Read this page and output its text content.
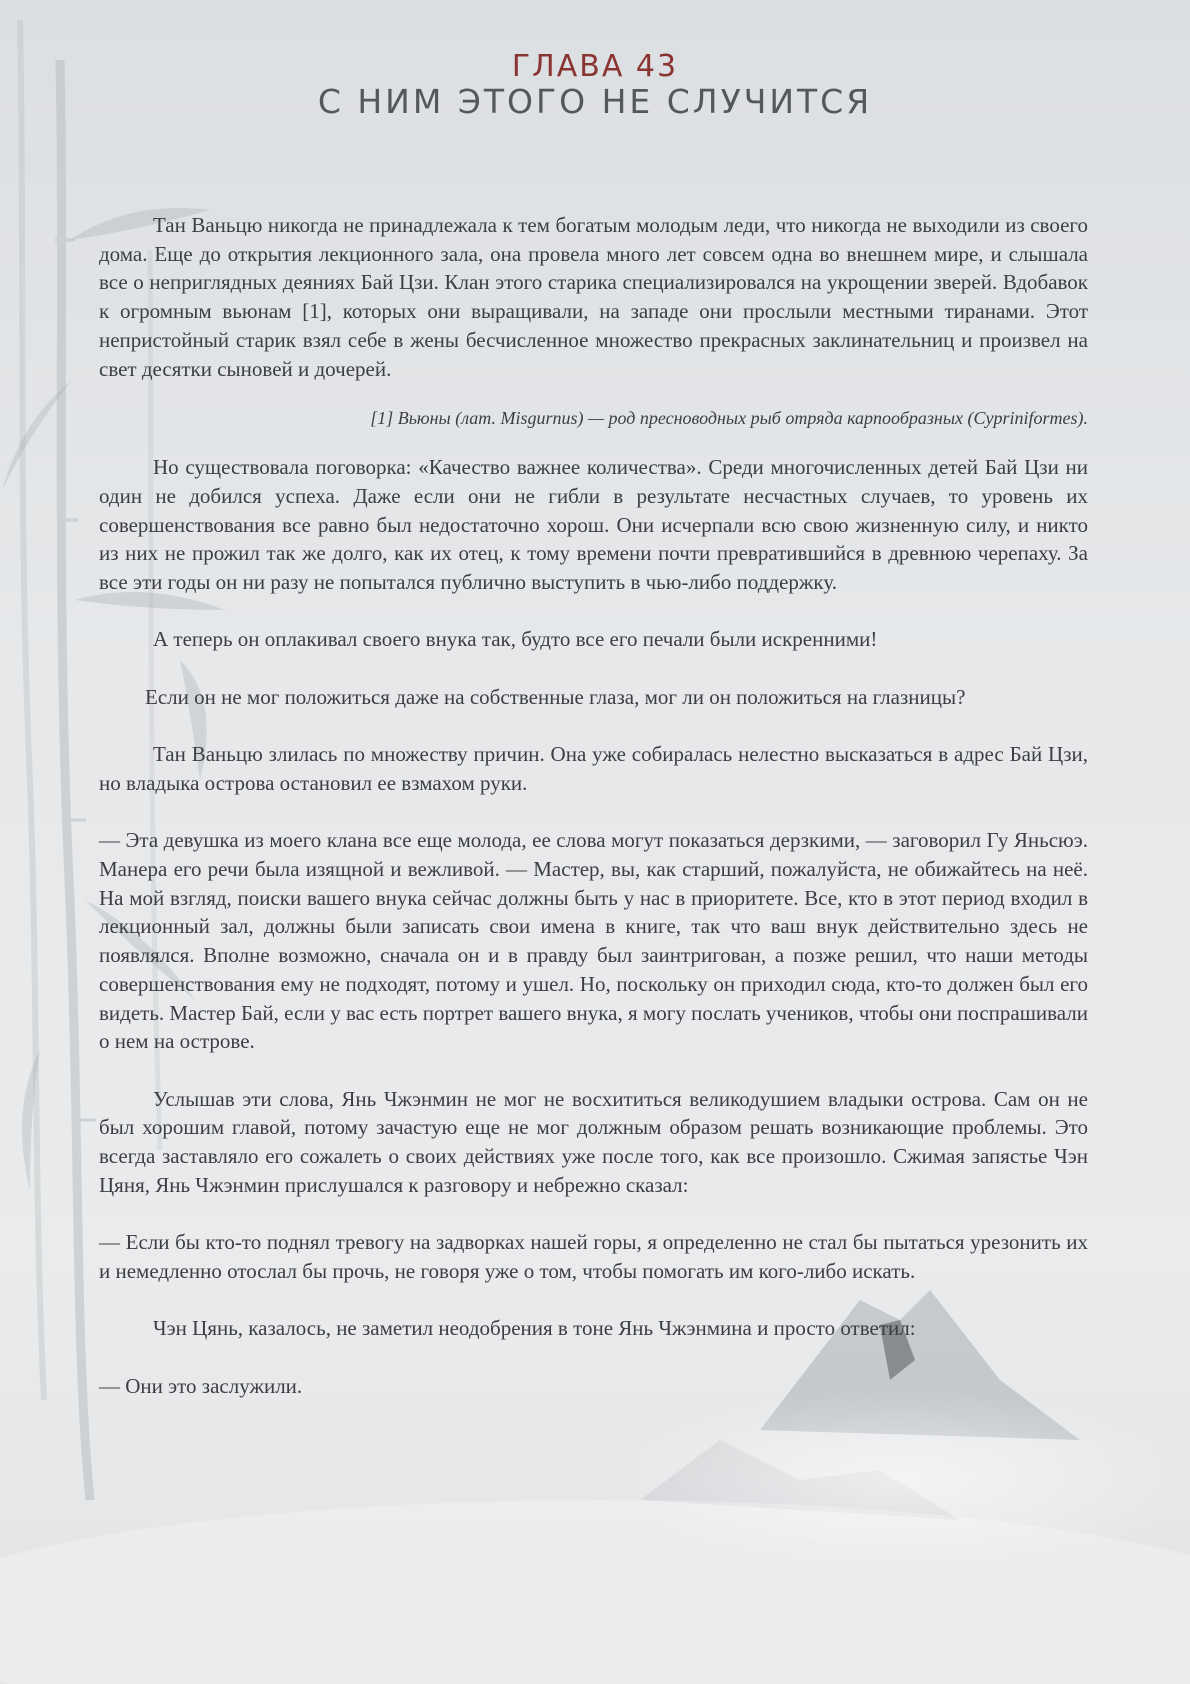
ГЛАВА 43
С НИМ ЭТОГО НЕ СЛУЧИТСЯ

Тан Ваньцю никогда не принадлежала к тем богатым молодым леди, что никогда не выходили из своего дома. Еще до открытия лекционного зала, она провела много лет совсем одна во внешнем мире, и слышала все о неприглядных деяниях Бай Цзи. Клан этого старика специализировался на укрощении зверей. Вдобавок к огромным вьюнам [1], которых они выращивали, на западе они прослыли местными тиранами. Этот непристойный старик взял себе в жены бесчисленное множество прекрасных заклинательниц и произвел на свет десятки сыновей и дочерей.

[1] Вьюны (лат. Misgurnus) — род пресноводных рыб отряда карпообразных (Cypriniformes).

Но существовала поговорка: «Качество важнее количества». Среди многочисленных детей Бай Цзи ни один не добился успеха. Даже если они не гибли в результате несчастных случаев, то уровень их совершенствования все равно был недостаточно хорош. Они исчерпали всю свою жизненную силу, и никто из них не прожил так же долго, как их отец, к тому времени почти превратившийся в древнюю черепаху. За все эти годы он ни разу не попытался публично выступить в чью-либо поддержку.

А теперь он оплакивал своего внука так, будто все его печали были искренними!

Если он не мог положиться даже на собственные глаза, мог ли он положиться на глазницы?

Тан Ваньцю злилась по множеству причин. Она уже собиралась нелестно высказаться в адрес Бай Цзи, но владыка острова остановил ее взмахом руки.

— Эта девушка из моего клана все еще молода, ее слова могут показаться дерзкими, — заговорил Гу Яньсюэ. Манера его речи была изящной и вежливой. — Мастер, вы, как старший, пожалуйста, не обижайтесь на неё. На мой взгляд, поиски вашего внука сейчас должны быть у нас в приоритете. Все, кто в этот период входил в лекционный зал, должны были записать свои имена в книге, так что ваш внук действительно здесь не появлялся. Вполне возможно, сначала он и в правду был заинтригован, а позже решил, что наши методы совершенствования ему не подходят, потому и ушел. Но, поскольку он приходил сюда, кто-то должен был его видеть. Мастер Бай, если у вас есть портрет вашего внука, я могу послать учеников, чтобы они поспрашивали о нем на острове.

Услышав эти слова, Янь Чжэнмин не мог не восхититься великодушием владыки острова. Сам он не был хорошим главой, потому зачастую еще не мог должным образом решать возникающие проблемы. Это всегда заставляло его сожалеть о своих действиях уже после того, как все произошло. Сжимая запястье Чэн Цяня, Янь Чжэнмин прислушался к разговору и небрежно сказал:

— Если бы кто-то поднял тревогу на задворках нашей горы, я определенно не стал бы пытаться урезонить их и немедленно отослал бы прочь, не говоря уже о том, чтобы помогать им кого-либо искать.

Чэн Цянь, казалось, не заметил неодобрения в тоне Янь Чжэнмина и просто ответил:

— Они это заслужили.
